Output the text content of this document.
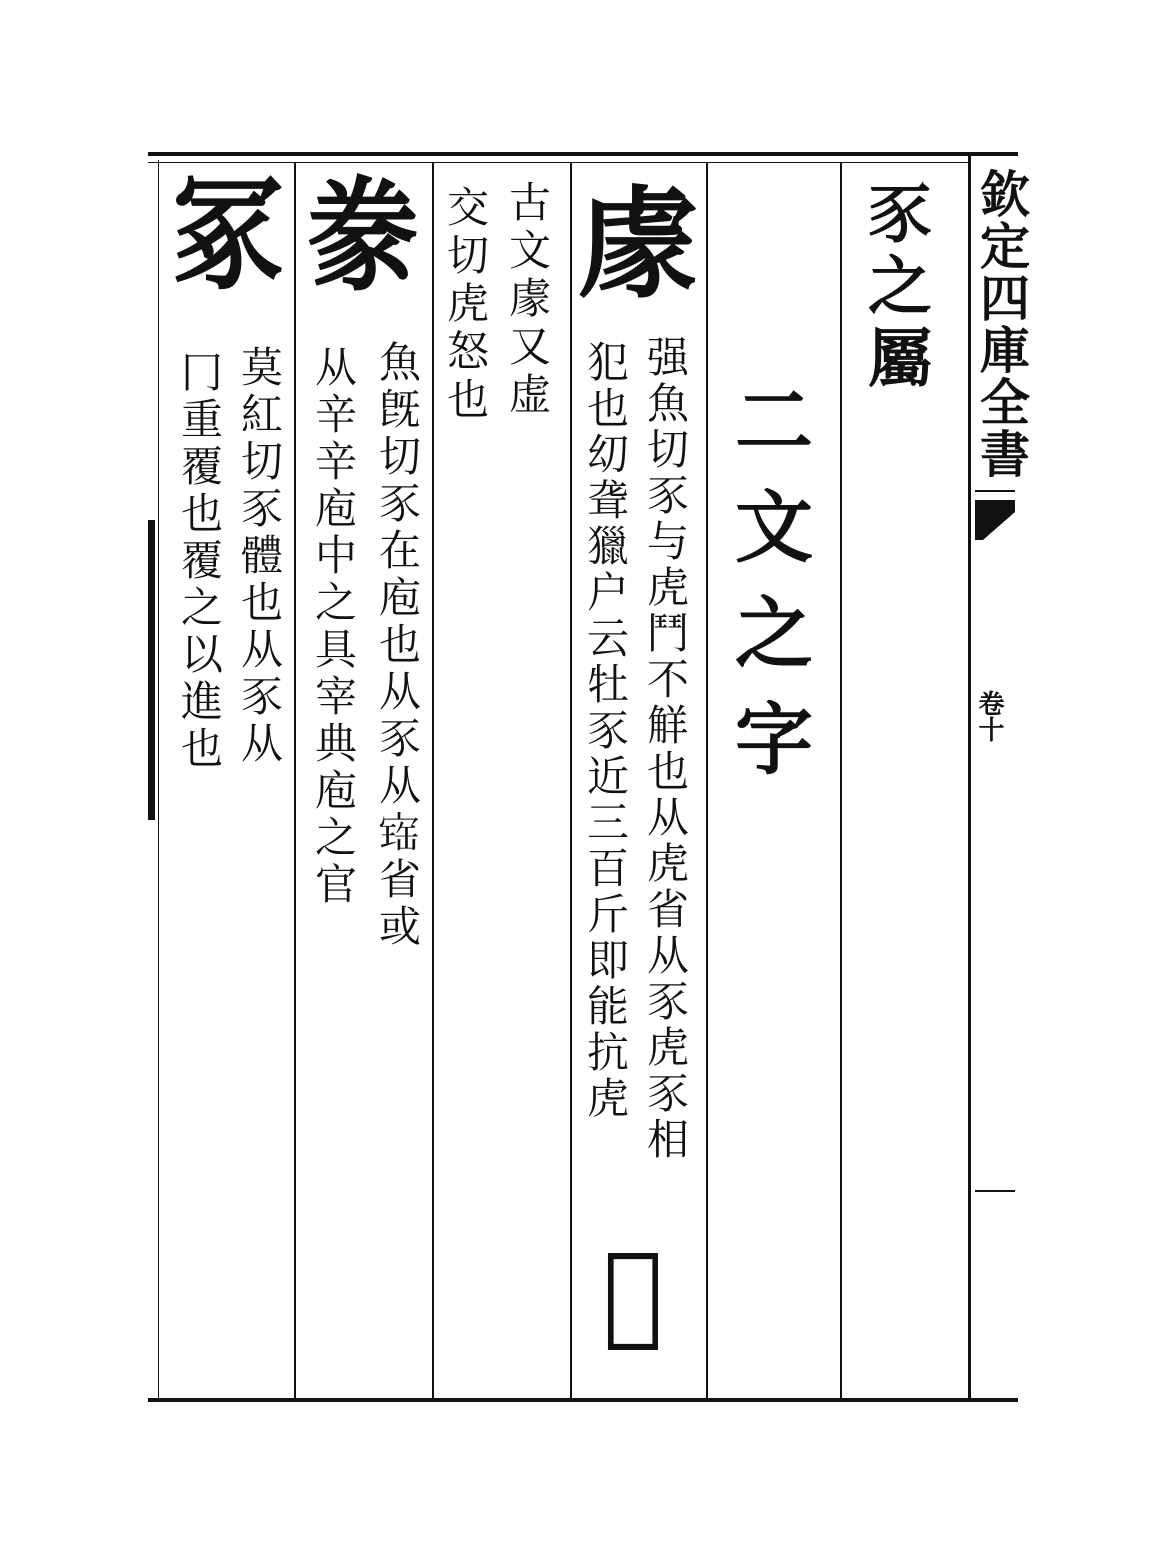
欽定四庫全書
卷十
豕之屬
二文之字
豦
强魚切豕与虎鬥不觧也从虎省从豕虎豕相
犯也㓜聋獵户云牡豕近三百斤即能抗虎
𧲫
古文豦又虚
交切虎怒也
豢
魚旣切豕在庖也从豕从𡩧省或
从辛辛庖中之具宰典庖之官
冢
莫紅切豕體也从豕从
冂重覆也覆之以進也
